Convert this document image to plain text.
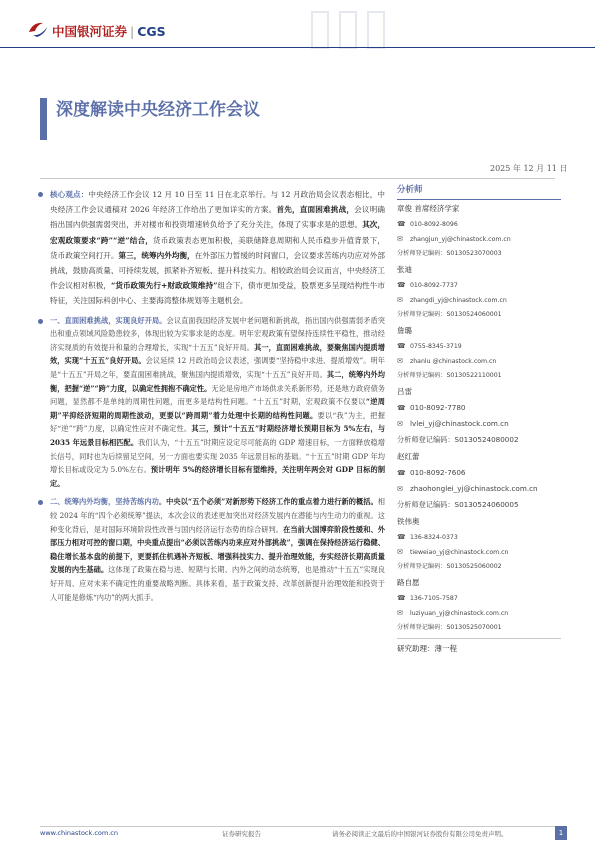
中国银河证券 | CGS
深度解读中央经济工作会议
2025 年 12 月 11 日
核心观点：中央经济工作会议 12 月 10 日至 11 日在北京举行。与 12 月政治局会议表态相比，中央经济工作会议通稿对 2026 年经济工作给出了更加详实的方案。首先，直面困难挑战，会议明确指出国内供强需弱突出，并对楼市和投资增速转负给予了充分关注，体现了实事求是的思想。其次，宏观政策要求“跨”“逆”结合，货币政策表态更加积极，美联储降息周期和人民币稳步升值背景下，货币政策空间打开。第三，统筹内外均衡，在外部压力暂缓的时间窗口，会议要求苦练内功应对外部挑战，鼓励高质量、可持续发展，抓紧补齐短板、提升科技实力。相较政治局会议而言，中央经济工作会议相对积极，“货币政策先行+财政政策维持”组合下，债市更加受益，股票更多呈现结构性牛市特征，关注国际科创中心、主要海湾整体规划等主题机会。
一、直面困难挑战，实现良好开局。会议直面我国经济发展中老问题和新挑战，指出国内供强需弱矛盾突出和重点领域风险隐患较多，体现出较为实事求是的态度。明年宏观政策有望保持连续性平稳性，推动经济实现质的有效提升和量的合理增长，实现“十五五”良好开局。其一，直面困难挑战，要聚焦国内提质增效，实现“十五五”良好开局。会议延续 12 月政治局会议表述，强调要“坚持稳中求进、提质增效”。明年是“十五五”开局之年，要直面困难挑战，聚焦国内提质增效，实现“十五五”良好开局。其二，统筹内外均衡，把握“逆”“跨”力度，以确定性拥抱不确定性。无论是房地产市场供求关系新形势，还是地方政府债务问题，显然都不是单纯的周期性问题，而更多是结构性问题。“十五五”时期，宏观政策不仅要以“逆周期”平抑经济短期的周期性波动，更要以“跨周期”着力处理中长期的结构性问题。要以“我”为主，把握好“逆”“跨”力度，以确定性应对不确定性。其三，预计“十五五”时期经济增长预期目标为 5%左右，与 2035 年远景目标相匹配。我们认为，“十五五”时期应设定尽可能高的 GDP 增速目标，一方面释放稳增长信号，同时也为后续留足空间，另一方面也要实现 2035 年远景目标的基础。“十五五”时期 GDP 年均增长目标或设定为 5.0%左右。预计明年 5%的经济增长目标有望维持，关注明年两会对 GDP 目标的制定。
二、统筹内外均衡，坚持苦练内功。中央以“五个必须”对新形势下经济工作的重点着力进行新的概括。相较 2024 年的“四个必须统筹”提法，本次会议的表述更加突出对经济发展内在潜能与内生动力的重视。这种变化背后，是对国际环境阶段性改善与国内经济运行态势的综合研判。在当前大国博弈阶段性缓和、外部压力相对可控的窗口期，中央重点提出“必须以苦练内功来应对外部挑战”，强调在保持经济运行稳健、稳住增长基本盘的前提下，更要抓住机遇补齐短板、增强科技实力、提升治理效能，夯实经济长期高质量发展的内生基础。这体现了政策在稳与进、短期与长期、内外之间的动态统筹，也是推动“十五五”实现良好开局、应对未来不确定性的重要战略判断。具体来看，基于政策支持、改革创新提升治理效能和投资于人可能是修炼“内功”的两大抓手。
分析师
章俊 首席经济学家
☎ 010-8092-8096
✉ zhangjun_yj@chinastock.com.cn
分析师登记编码：S0130523070003
张迪
☎ 010-8092-7737
✉ zhangdi_yj@chinastock.com.cn
分析师登记编码：S0130524060001
詹璐
☎ 0755-8345-3719
✉ zhanlu @chinastock.com.cn
分析师登记编码：S0130522110001
吕雷
☎ 010-8092-7780
✉ lvlei_yj@chinastock.com.cn
分析师登记编码：S0130524080002
赵红蕾
☎ 010-8092-7606
✉ zhaohonglei_yj@chinastock.com.cn
分析师登记编码：S0130524060005
铁伟奥
☎ 136-8324-0373
✉ tieweiao_yj@chinastock.com.cn
分析师登记编码：S0130525060002
路自愿
☎ 136-7105-7587
✉ luziyuan_yj@chinastock.com.cn
分析师登记编码：S0130525070001
研究助理：薄一程
www.chinastock.com.cn	证券研究报告	请务必阅读正文最后的中国银河证券股份有限公司免责声明。	1
